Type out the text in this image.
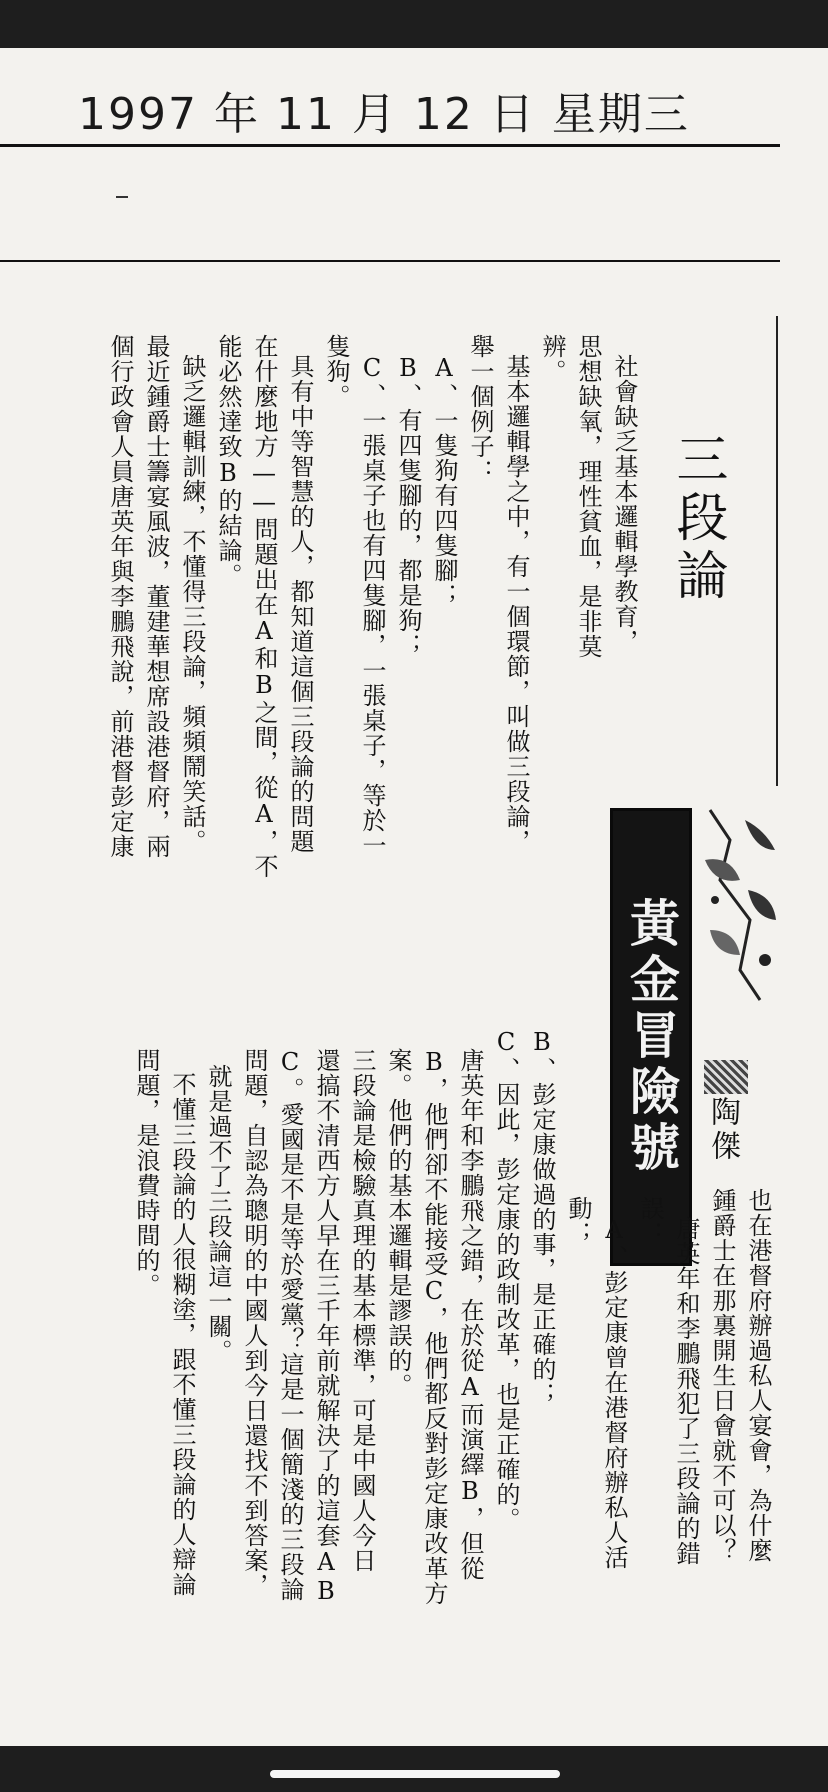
1997 年 11 月 12 日 星期三
三段論
黃金冒險號 陶傑
社會缺乏基本邏輯學教育，
思想缺氧，理性貧血，是非莫
辨。
基本邏輯學之中，有一個環節，叫做三段論，
舉一個例子：
A、一隻狗有四隻腳；
B、有四隻腳的，都是狗；
C、一張桌子也有四隻腳，一張桌子，等於一
隻狗。
具有中等智慧的人，都知道這個三段論的問題
在什麼地方——問題出在A和B之間，從A，不
能必然達致B的結論。
缺乏邏輯訓練，不懂得三段論，頻頻鬧笑話。
最近鍾爵士籌宴風波，董建華想席設港督府，兩
個行政會人員唐英年與李鵬飛說，前港督彭定康
也在港督府辦過私人宴會，為什麼
鍾爵士在那裏開生日會就不可以？
唐英年和李鵬飛犯了三段論的錯
誤：
A、彭定康曾在港督府辦私人活
動；
B、彭定康做過的事，是正確的；
C、因此，彭定康的政制改革，也是正確的。
唐英年和李鵬飛之錯，在於從A而演繹B，但從
B，他們卻不能接受C，他們都反對彭定康改革方
案。他們的基本邏輯是謬誤的。
三段論是檢驗真理的基本標準，可是中國人今日
還搞不清西方人早在三千年前就解決了的這套AB
C。愛國是不是等於愛黨？這是一個簡淺的三段論
問題，自認為聰明的中國人到今日還找不到答案，
就是過不了三段論這一關。
不懂三段論的人很糊塗，跟不懂三段論的人辯論
問題，是浪費時間的。
